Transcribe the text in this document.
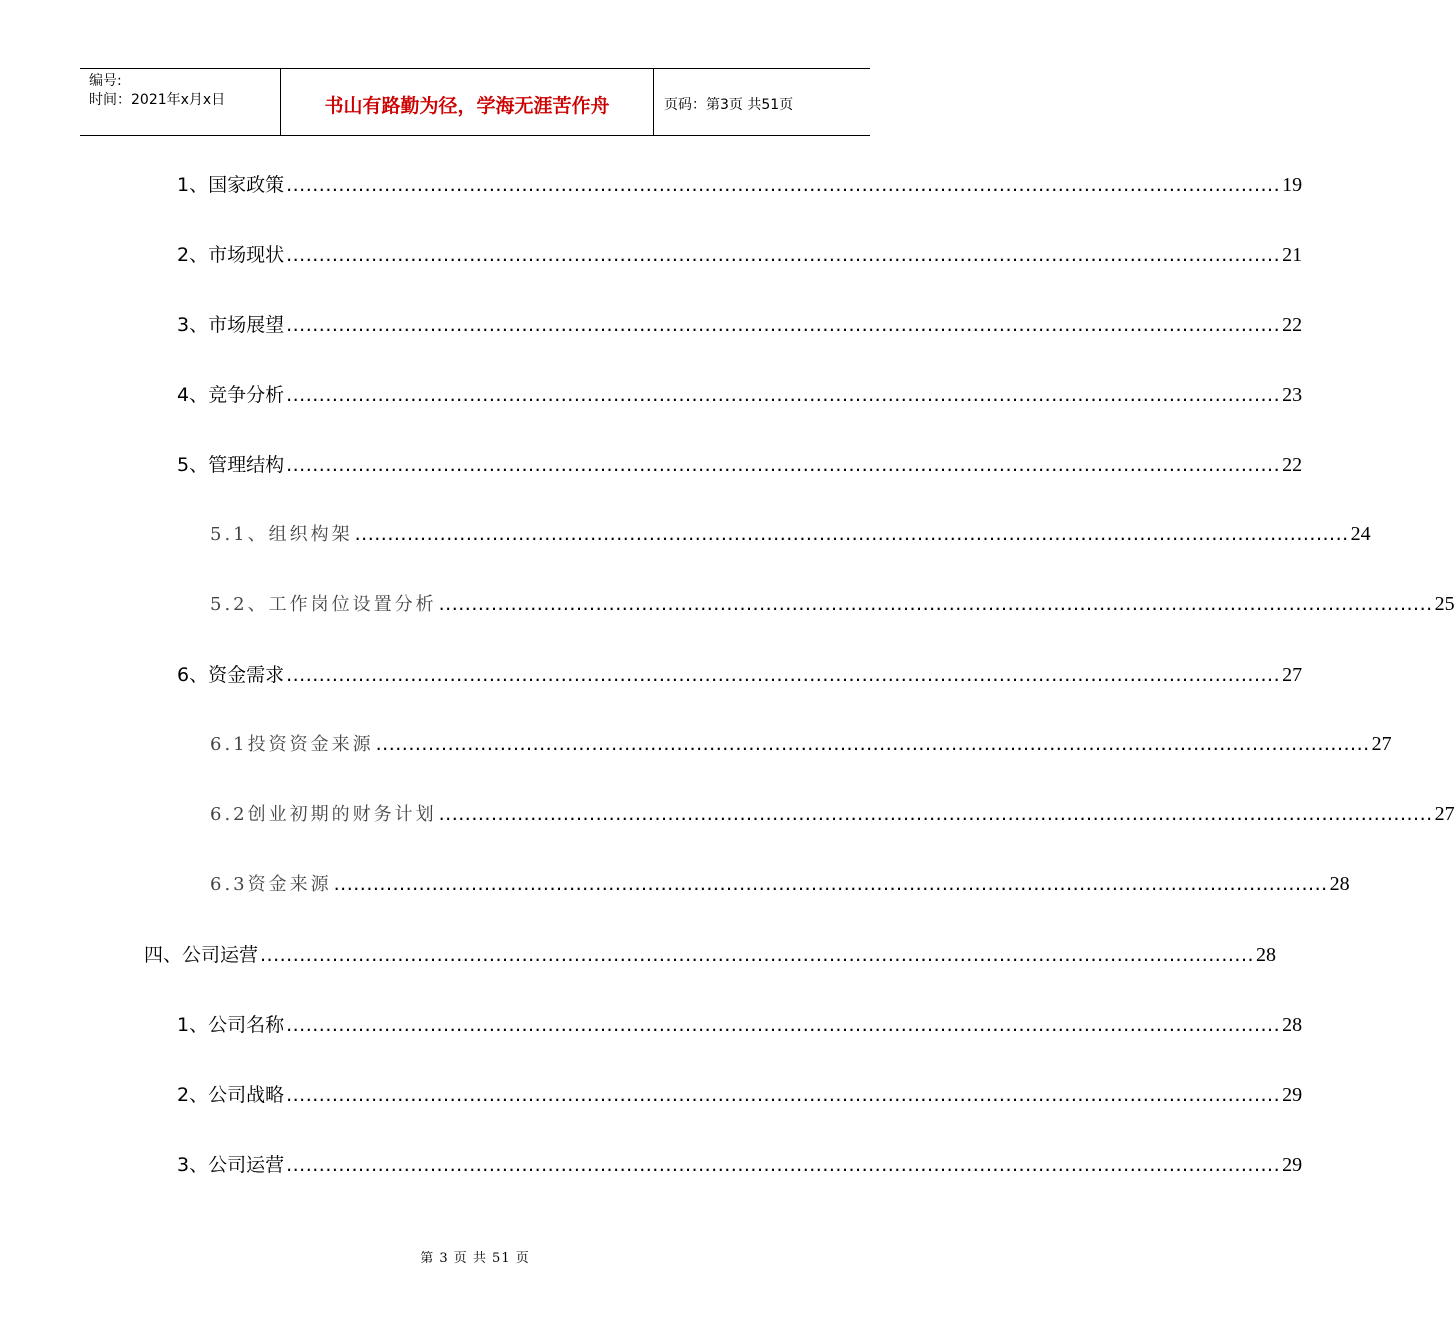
编号:
时间：2021年x月x日	书山有路勤为径，学海无涯苦作舟	页码：第3页 共51页
1、国家政策 ........................................................................................................................................................ 19
2、市场现状 ........................................................................................................................................................ 21
3、市场展望 ........................................................................................................................................................ 22
4、竞争分析 ........................................................................................................................................................ 23
5、管理结构 ........................................................................................................................................................ 22
5.1、组织构架 ........................................................................................................................................................ 24
5.2、工作岗位设置分析 ........................................................................................................................................................ 25
6、资金需求 ........................................................................................................................................................ 27
6.1投资资金来源 ........................................................................................................................................................ 27
6.2创业初期的财务计划 ........................................................................................................................................................ 27
6.3资金来源 ........................................................................................................................................................ 28
四、公司运营 ........................................................................................................................................................ 28
1、公司名称 ........................................................................................................................................................ 28
2、公司战略 ........................................................................................................................................................ 29
3、公司运营 ........................................................................................................................................................ 29
第 3 页 共 51 页
